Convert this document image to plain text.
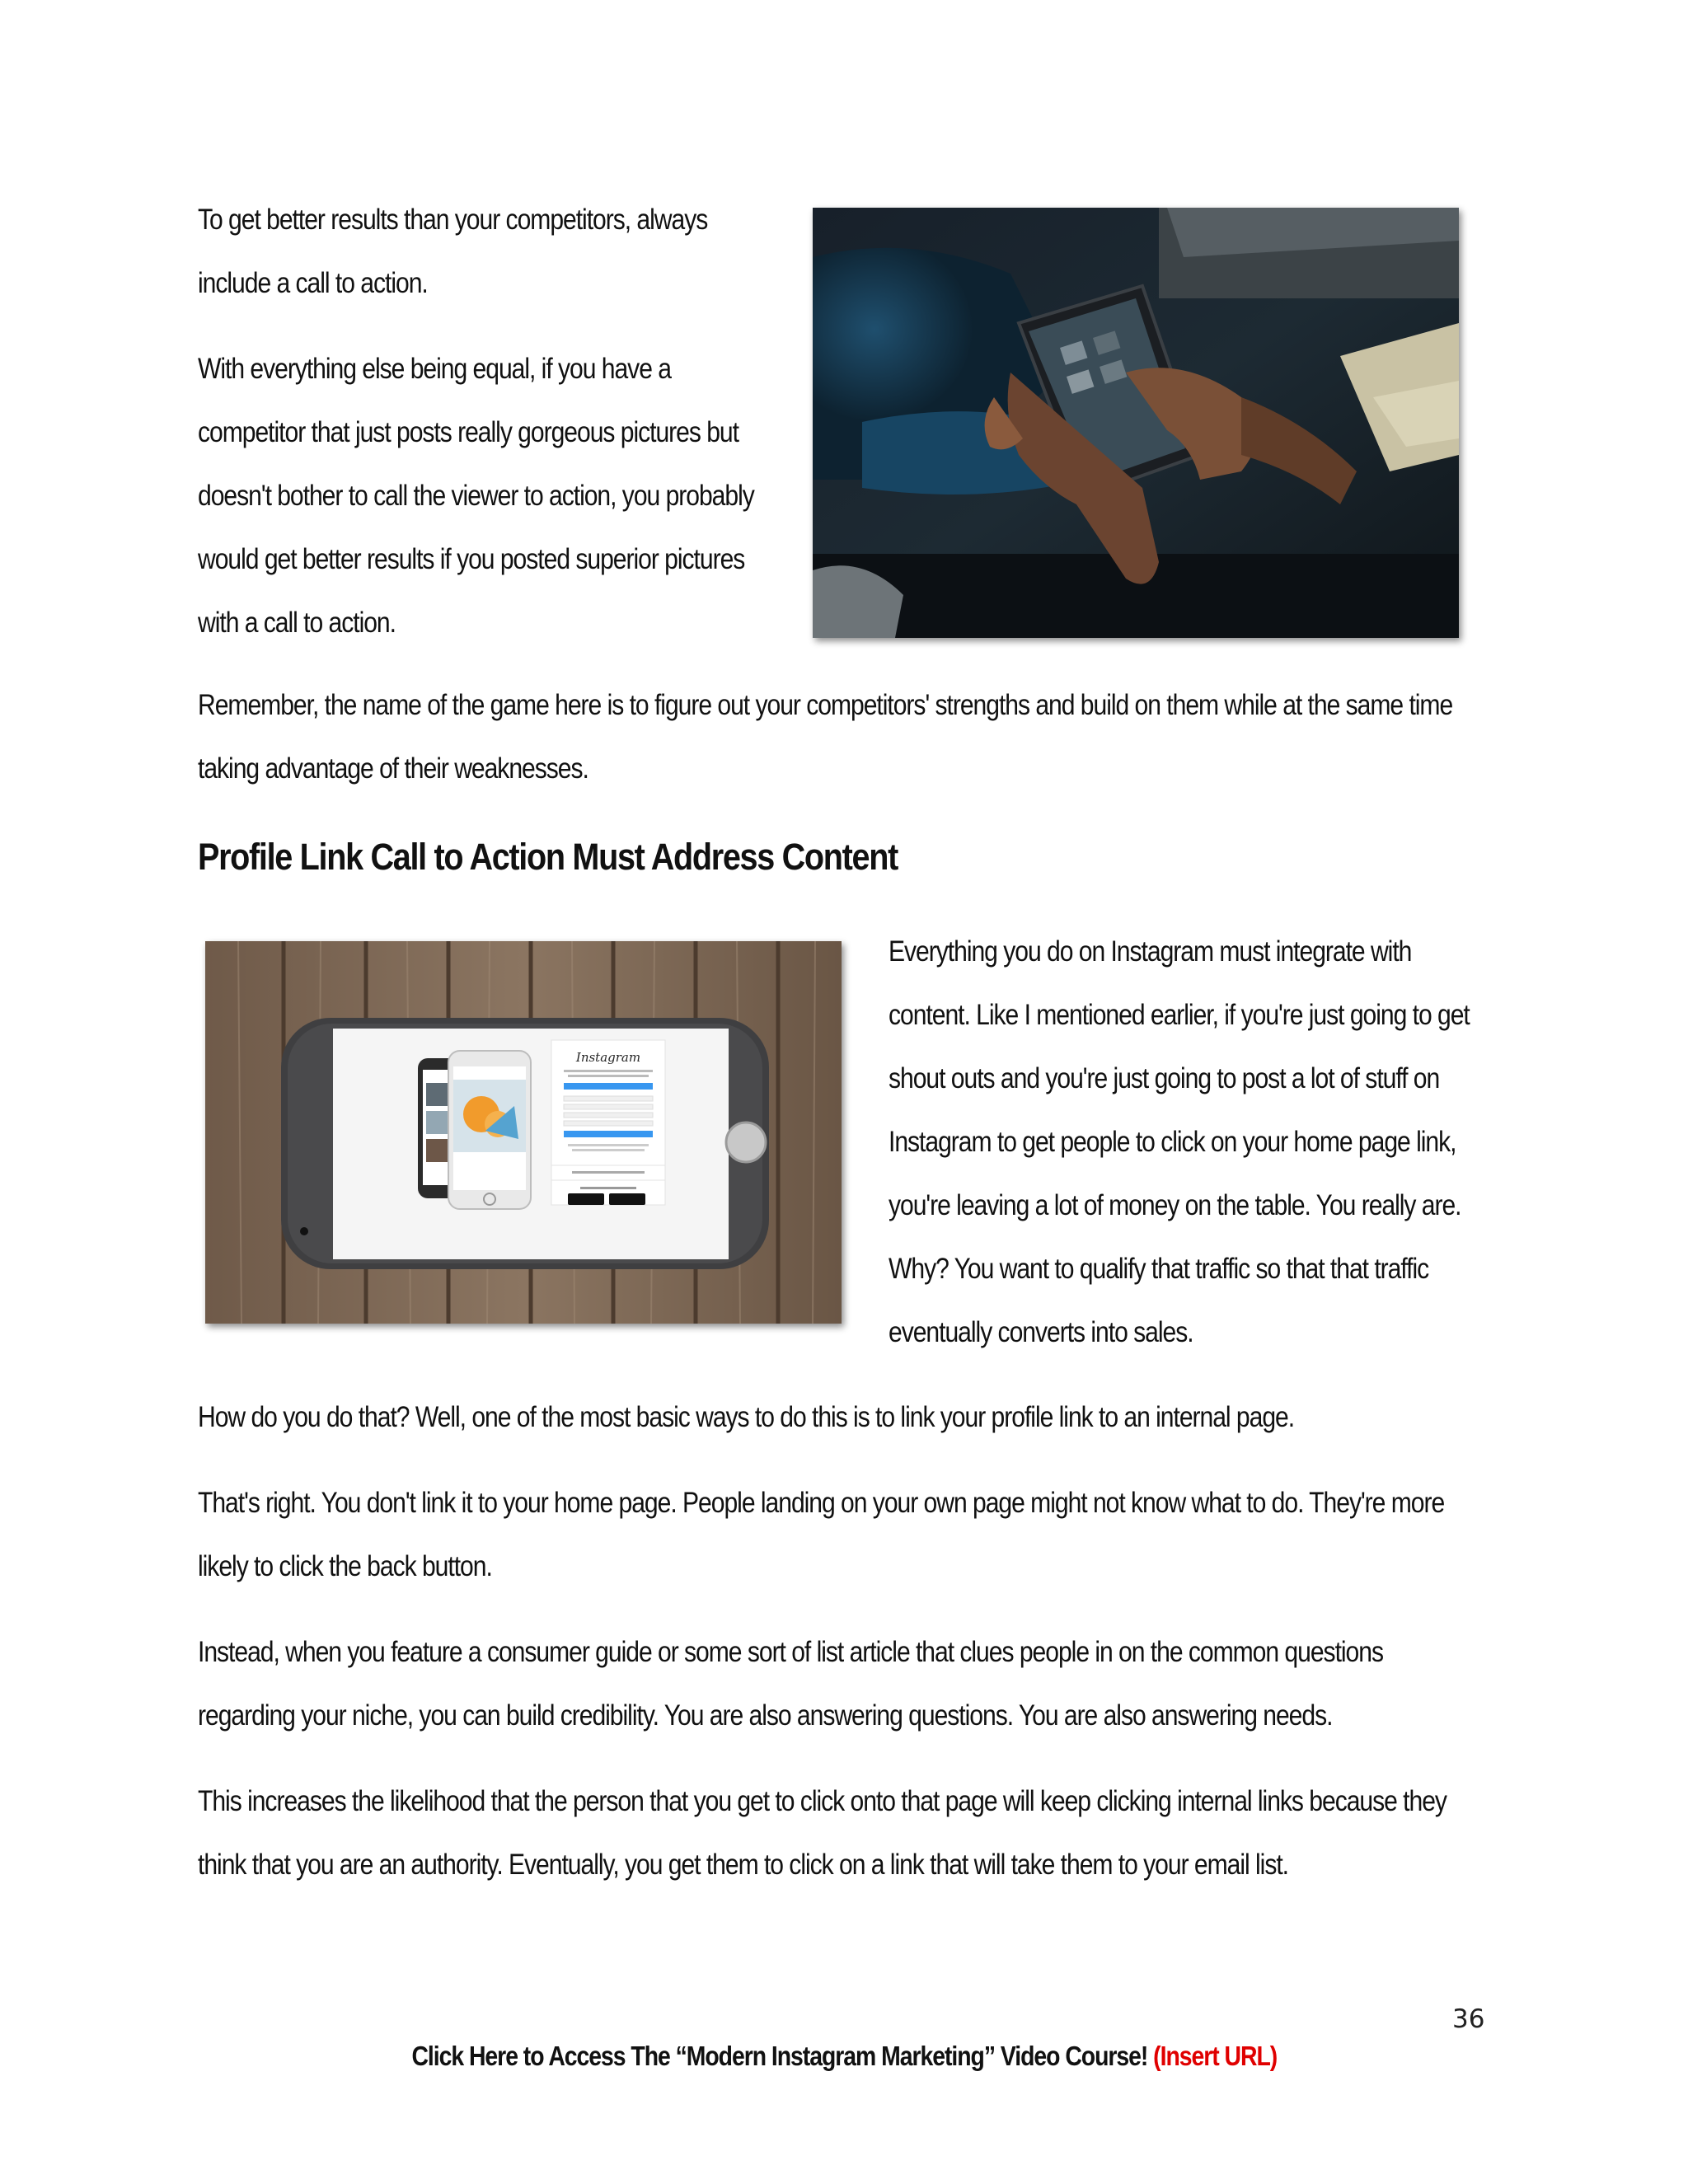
To get better results than your competitors, always include a call to action.

With everything else being equal, if you have a competitor that just posts really gorgeous pictures but doesn't bother to call the viewer to action, you probably would get better results if you posted superior pictures with a call to action.

Remember, the name of the game here is to figure out your competitors' strengths and build on them while at the same time taking advantage of their weaknesses.

Profile Link Call to Action Must Address Content
Instagram

Everything you do on Instagram must integrate with content. Like I mentioned earlier, if you're just going to get shout outs and you're just going to post a lot of stuff on Instagram to get people to click on your home page link, you're leaving a lot of money on the table. You really are. Why? You want to qualify that traffic so that that traffic eventually converts into sales.

How do you do that? Well, one of the most basic ways to do this is to link your profile link to an internal page.

That's right. You don't link it to your home page. People landing on your own page might not know what to do. They're more likely to click the back button.

Instead, when you feature a consumer guide or some sort of list article that clues people in on the common questions regarding your niche, you can build credibility. You are also answering questions. You are also answering needs.

This increases the likelihood that the person that you get to click onto that page will keep clicking internal links because they think that you are an authority. Eventually, you get them to click on a link that will take them to your email list.

36
Click Here to Access The “Modern Instagram Marketing” Video Course! (Insert URL)
